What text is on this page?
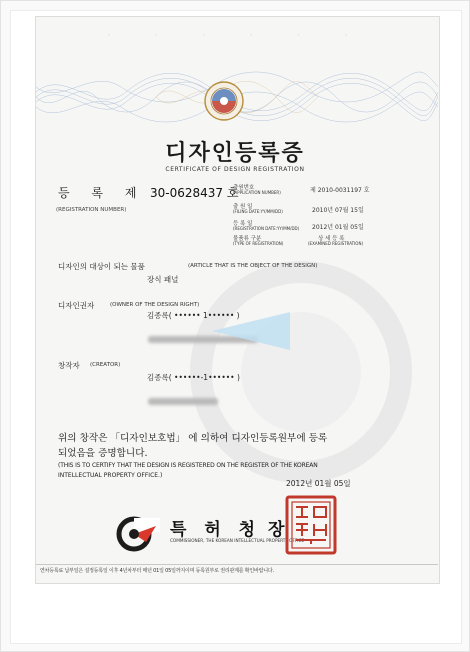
· · · · · ·
디자인등록증
CERTIFICATE OF DESIGN REGISTRATION
등 록 제 30-0628437 호
(REGISTRATION NUMBER)
출원번호
(APPLICATION NUMBER)	제 2010-0031197 호
출 원 일
(FILING DATE:YY/MM/DD)	2010년 07월 15일
등 록 일
(REGISTRATION DATE:YY/MM/DD) 2012년 01월 05일
물품류 구분
(TYPE OF REGISTRATION)
상 세 등 록
(EXAMINED REGISTRATION)
디자인의 대상이 되는 물품	(ARTICLE THAT IS THE OBJECT OF THE DESIGN)
장식 패널
디자인권자	(OWNER OF THE DESIGN RIGHT)
김종록( •••••• 1•••••• )
창작자 (CREATOR)
김종록( ••••••-1•••••• )
위의 창작은 「디자인보호법」 에 의하여 디자인등록원부에 등록
되었음을 증명합니다.
(THIS IS TO CERTIFY THAT THE DESIGN IS REGISTERED ON THE REGISTER OF THE KOREAN
INTELLECTUAL PROPERTY OFFICE.)
2012년 01월 05일
특 허 청 장
COMMISSIONER, THE KOREAN INTELLECTUAL PROPERTY OFFICE
연차등록료 납부일은 설정등록일 이후 4년차부터 매년 01일 05일까지이며 등록원부로 권리관계를 확인바랍니다.
